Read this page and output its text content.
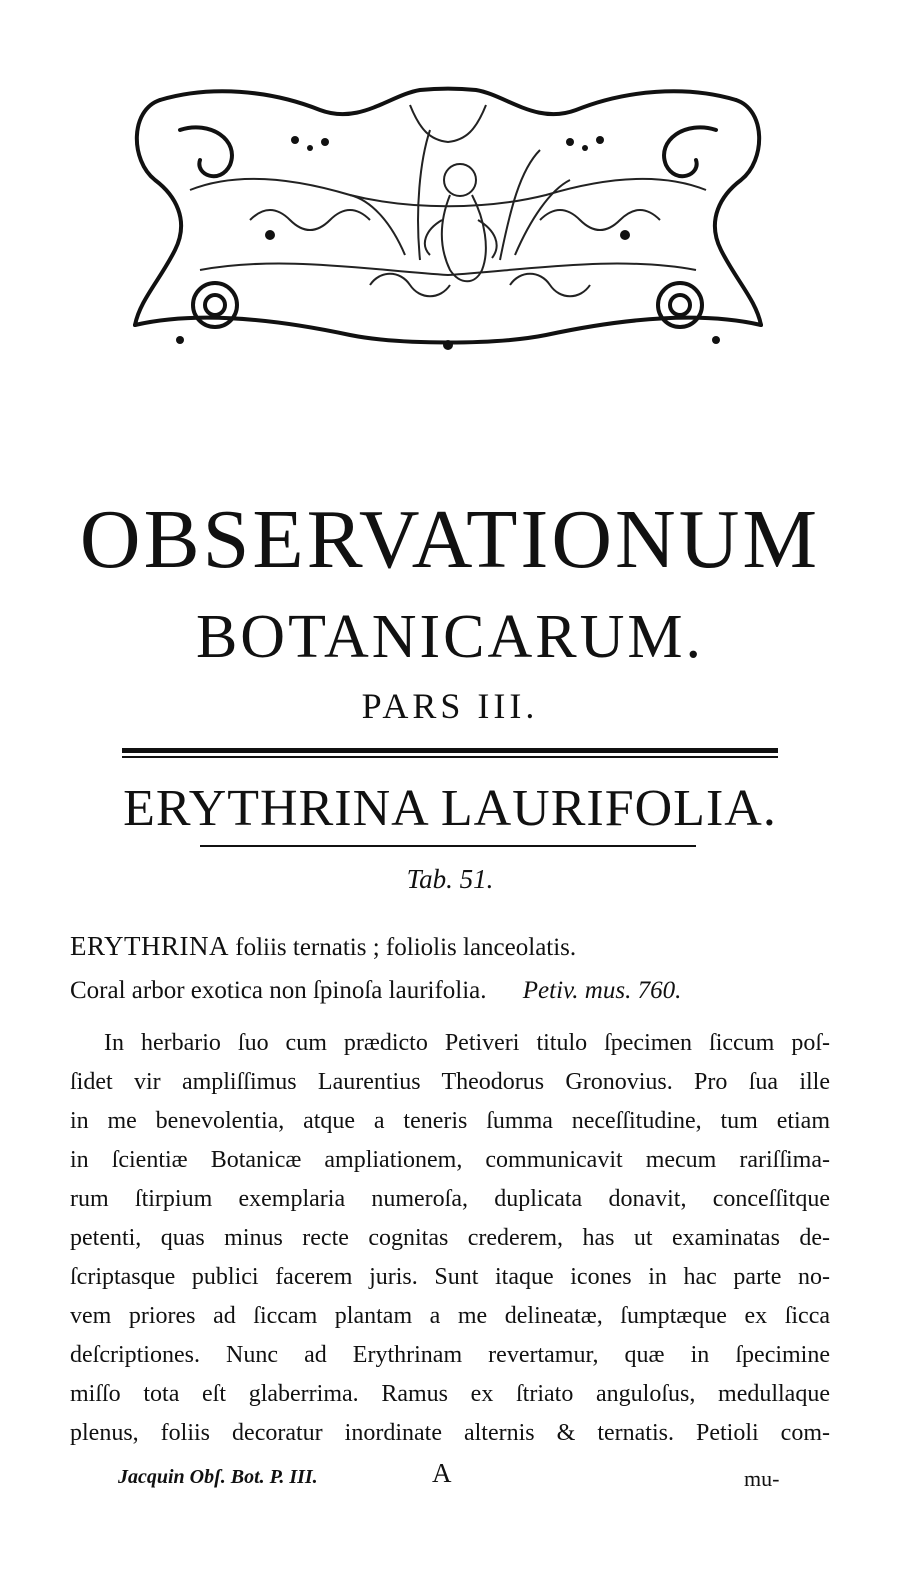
OBSERVATIONUM
BOTANICARUM.
PARS III.
ERYTHRINA LAURIFOLIA.
Tab. 51.
ERYTHRINA foliis ternatis ; foliolis lanceolatis.
Coral arbor exotica non ſpinoſa laurifolia. Petiv. mus. 760.
In herbario ſuo cum prædicto Petiveri titulo ſpecimen ſiccum poſ-
ſidet vir ampliſſimus Laurentius Theodorus Gronovius. Pro ſua ille
in me benevolentia, atque a teneris ſumma neceſſitudine, tum etiam
in ſcientiæ Botanicæ ampliationem, communicavit mecum rariſſima-
rum ſtirpium exemplaria numeroſa, duplicata donavit, conceſſitque
petenti, quas minus recte cognitas crederem, has ut examinatas de-
ſcriptasque publici facerem juris. Sunt itaque icones in hac parte no-
vem priores ad ſiccam plantam a me delineatæ, ſumptæque ex ſicca
deſcriptiones. Nunc ad Erythrinam revertamur, quæ in ſpecimine
miſſo tota eſt glaberrima. Ramus ex ſtriato anguloſus, medullaque
plenus, foliis decoratur inordinate alternis & ternatis. Petioli com-
Jacquin Obſ. Bot. P. III.	A	mu-
